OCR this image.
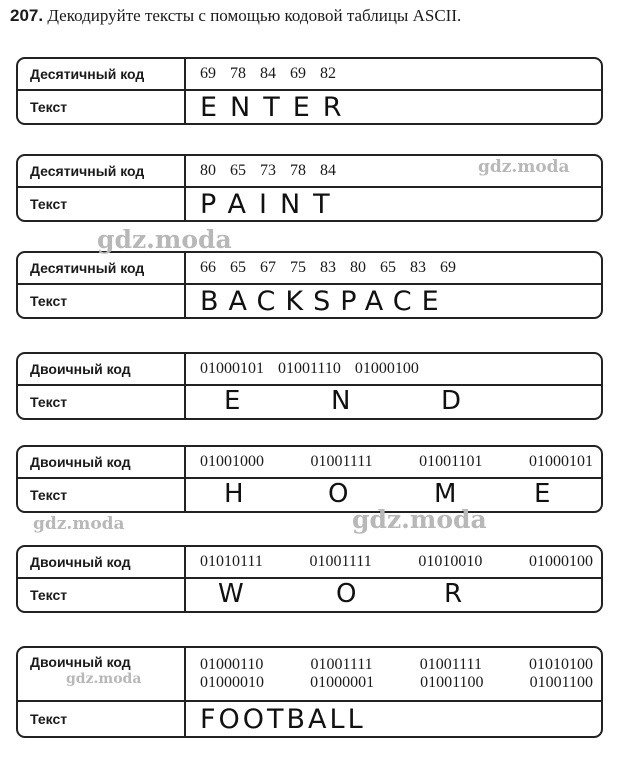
207. Декодируйте тексты с помощью кодовой таблицы ASCII.
Десятичный код	69 78 84 69 82
Текст	ENTER
Десятичный код	80 65 73 78 84
Текст	PAINT
Десятичный код	66 65 67 75 83 80 65 83 69
Текст	BACKSPACE
Двоичный код	01000101 01001110 01000100
Текст	E	N	D
Двоичный код	01001000	01001111	01001101	01000101
Текст	H	O	M	E
Двоичный код	01010111	01001111	01010010	01000100
Текст	W	O	R
Двоичный код	01000110	01001111	01001111	01010100
01000010	01000001	01001100	01001100
Текст	FOOTBALL
gdz.moda
gdz.moda
gdz.moda	gdz.moda
gdz.moda
